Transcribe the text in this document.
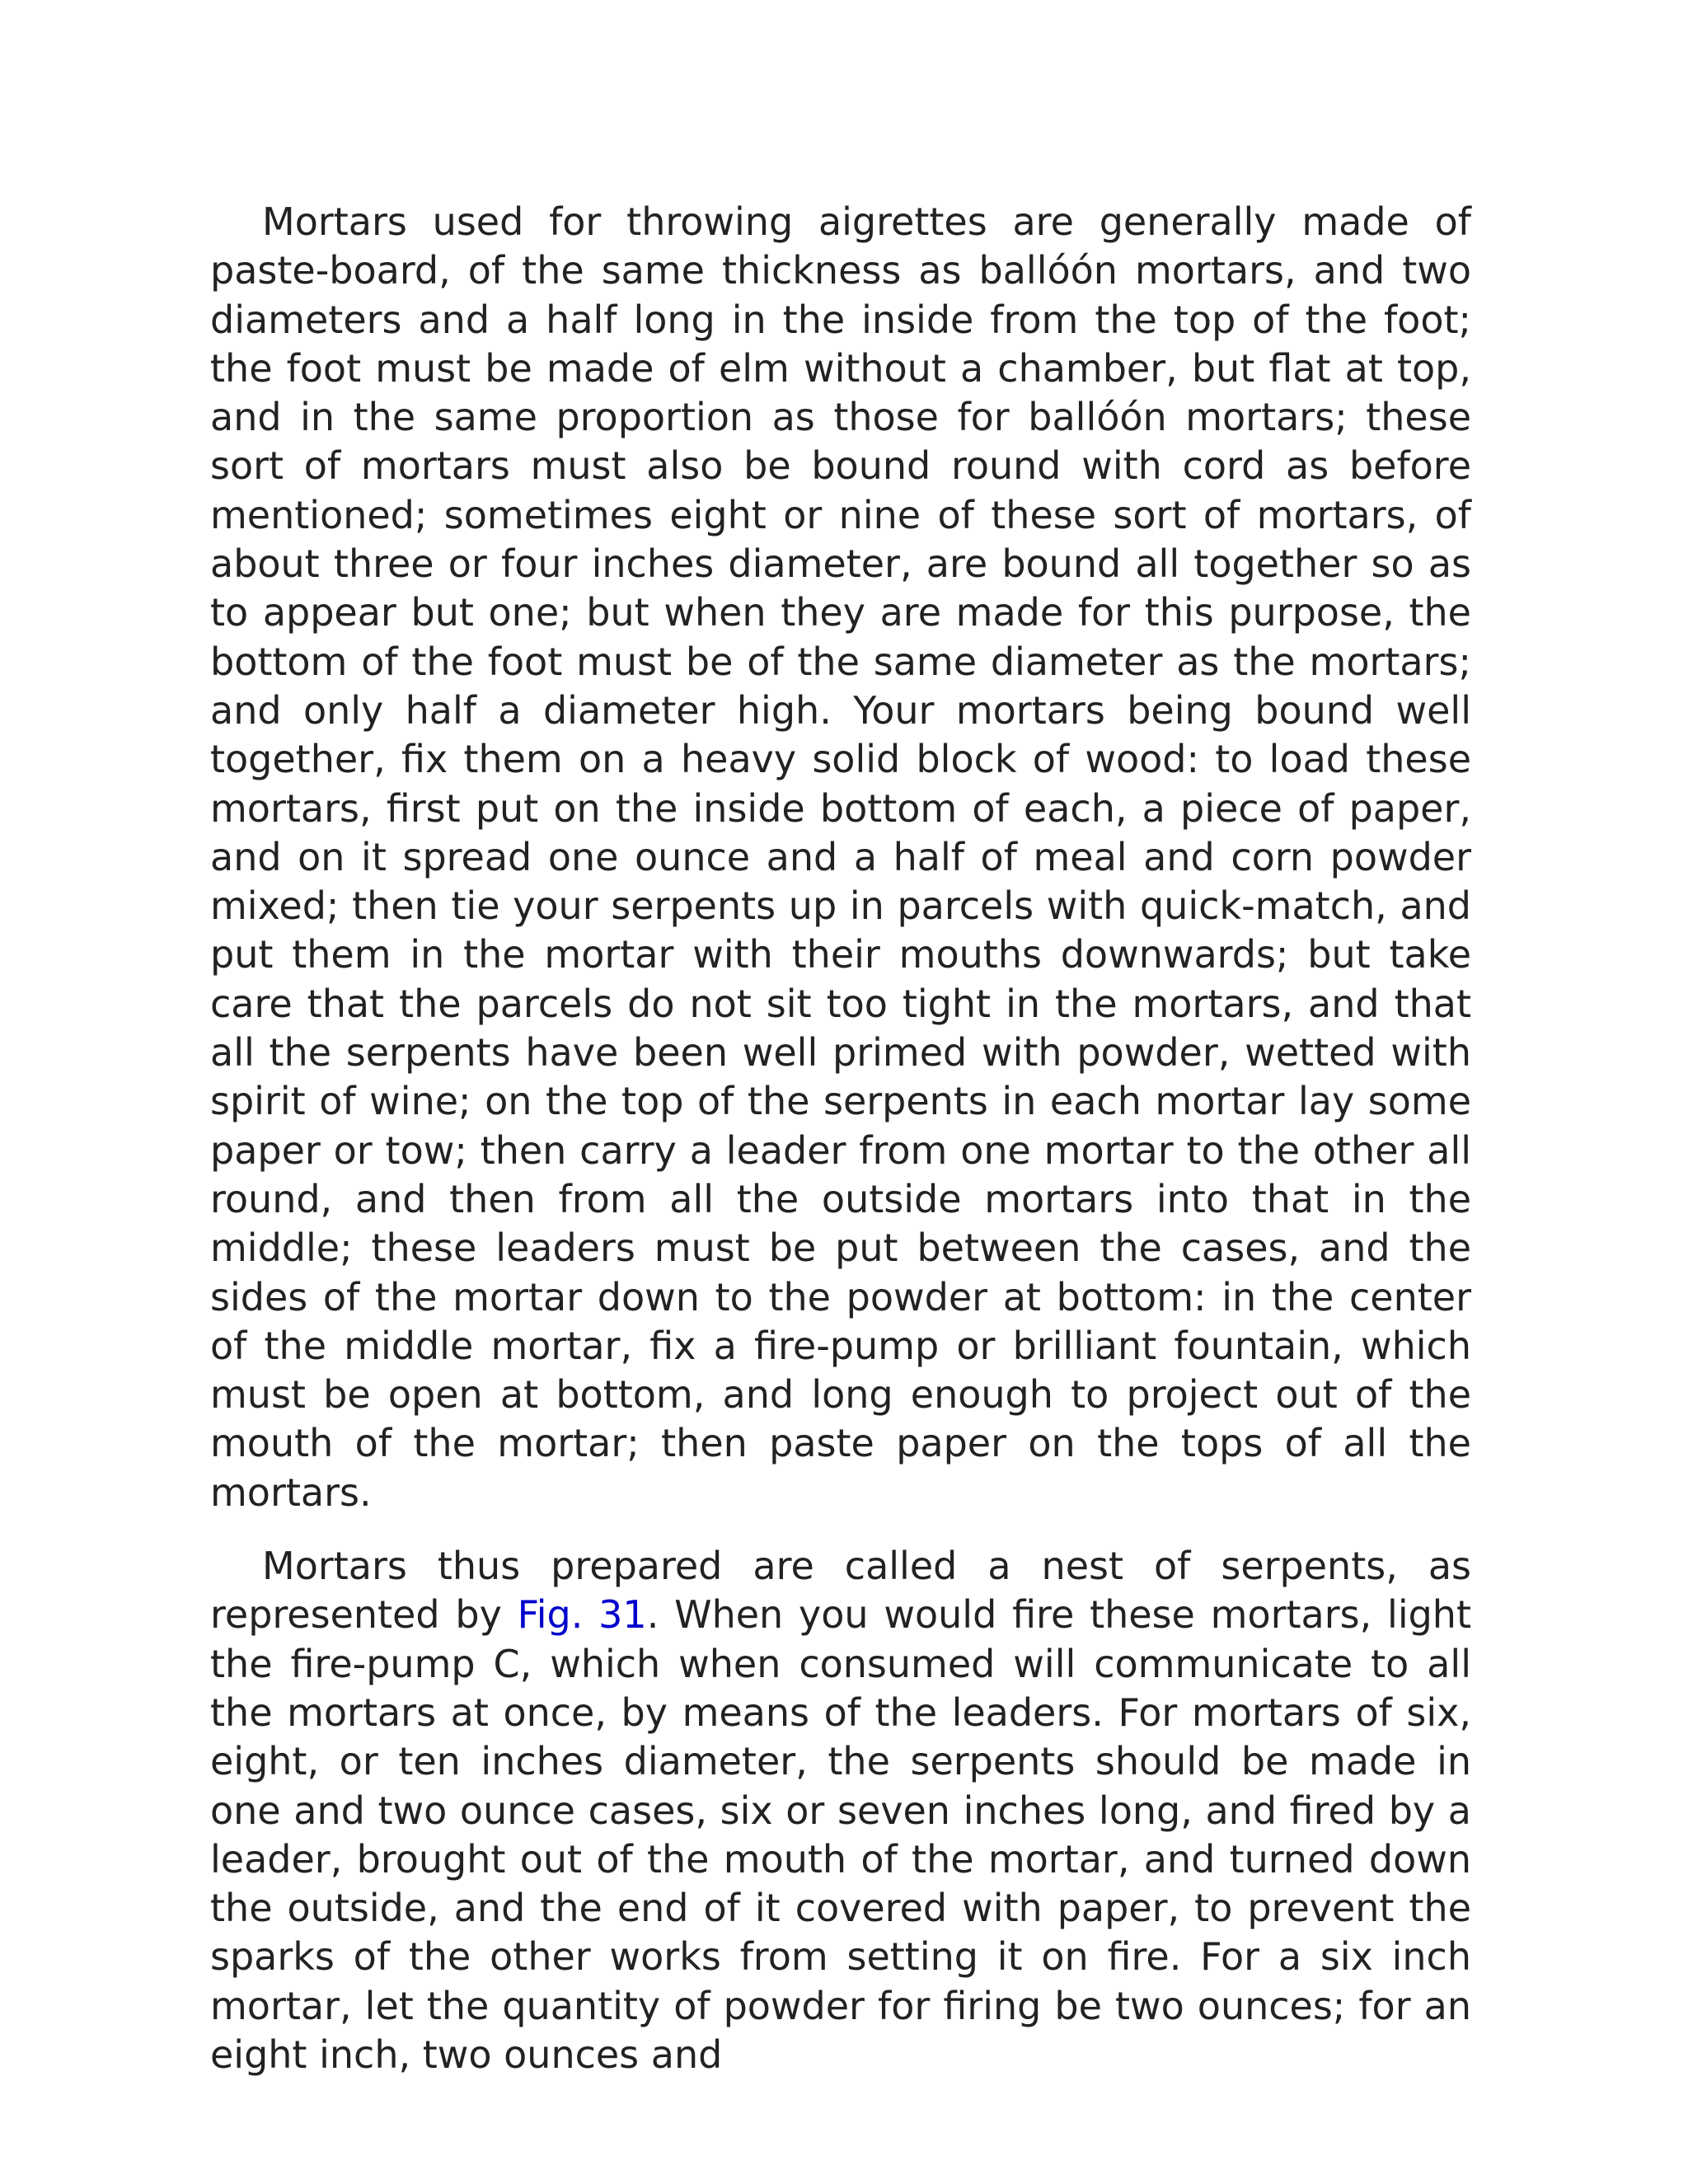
Mortars used for throwing aigrettes are generally made of paste-board, of the same thickness as ballóón mortars, and two diameters and a half long in the inside from the top of the foot; the foot must be made of elm without a chamber, but flat at top, and in the same proportion as those for ballóón mortars; these sort of mortars must also be bound round with cord as before mentioned; sometimes eight or nine of these sort of mortars, of about three or four inches diameter, are bound all together so as to appear but one; but when they are made for this purpose, the bottom of the foot must be of the same diameter as the mortars; and only half a diameter high. Your mortars being bound well together, fix them on a heavy solid block of wood: to load these mortars, first put on the inside bottom of each, a piece of paper, and on it spread one ounce and a half of meal and corn powder mixed; then tie your serpents up in parcels with quick-match, and put them in the mortar with their mouths downwards; but take care that the parcels do not sit too tight in the mortars, and that all the serpents have been well primed with powder, wetted with spirit of wine; on the top of the serpents in each mortar lay some paper or tow; then carry a leader from one mortar to the other all round, and then from all the outside mortars into that in the middle; these leaders must be put between the cases, and the sides of the mortar down to the powder at bottom: in the center of the middle mortar, fix a fire-pump or brilliant fountain, which must be open at bottom, and long enough to project out of the mouth of the mortar; then paste paper on the tops of all the mortars.

Mortars thus prepared are called a nest of serpents, as represented by Fig. 31. When you would fire these mortars, light the fire-pump C, which when consumed will communicate to all the mortars at once, by means of the leaders. For mortars of six, eight, or ten inches diameter, the serpents should be made in one and two ounce cases, six or seven inches long, and fired by a leader, brought out of the mouth of the mortar, and turned down the outside, and the end of it covered with paper, to prevent the sparks of the other works from setting it on fire. For a six inch mortar, let the quantity of powder for firing be two ounces; for an eight inch, two ounces and
